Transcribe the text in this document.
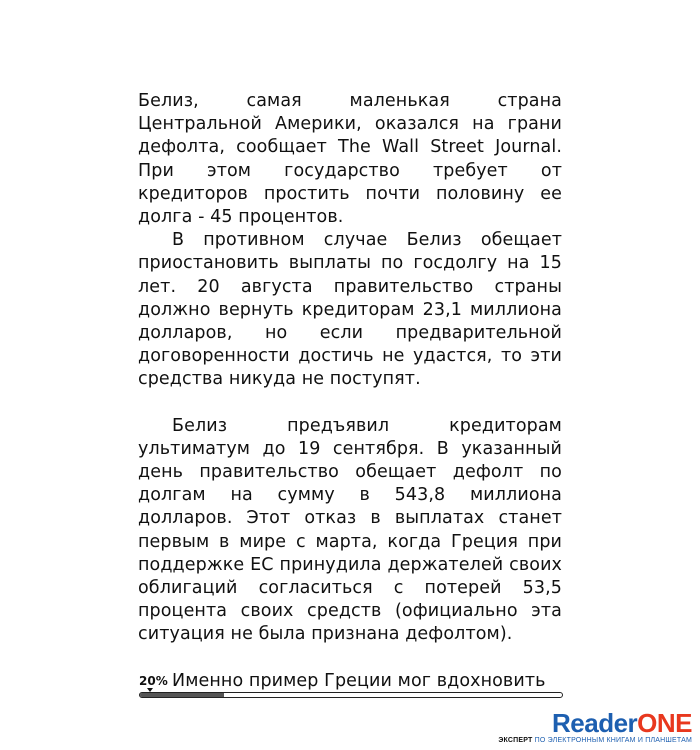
Белиз, самая маленькая страна Центральной Америки, оказался на грани дефолта, сообщает The Wall Street Journal. При этом государство требует от кредиторов простить почти половину ее долга - 45 процентов.

В противном случае Белиз обещает приостановить выплаты по госдолгу на 15 лет. 20 августа правительство страны должно вернуть кредиторам 23,1 миллиона долларов, но если предварительной договоренности достичь не удастся, то эти средства никуда не поступят.

Белиз предъявил кредиторам ультиматум до 19 сентября. В указанный день правительство обещает дефолт по долгам на сумму в 543,8 миллиона долларов. Этот отказ в выплатах станет первым в мире с марта, когда Греция при поддержке ЕС принудила держателей своих облигаций согласиться с потерей 53,5 процента своих средств (официально эта ситуация не была признана дефолтом).

Именно пример Греции мог вдохновить

20%
ReaderONE
ЭКСПЕРТ ПО ЭЛЕКТРОННЫМ КНИГАМ И ПЛАНШЕТАМ
